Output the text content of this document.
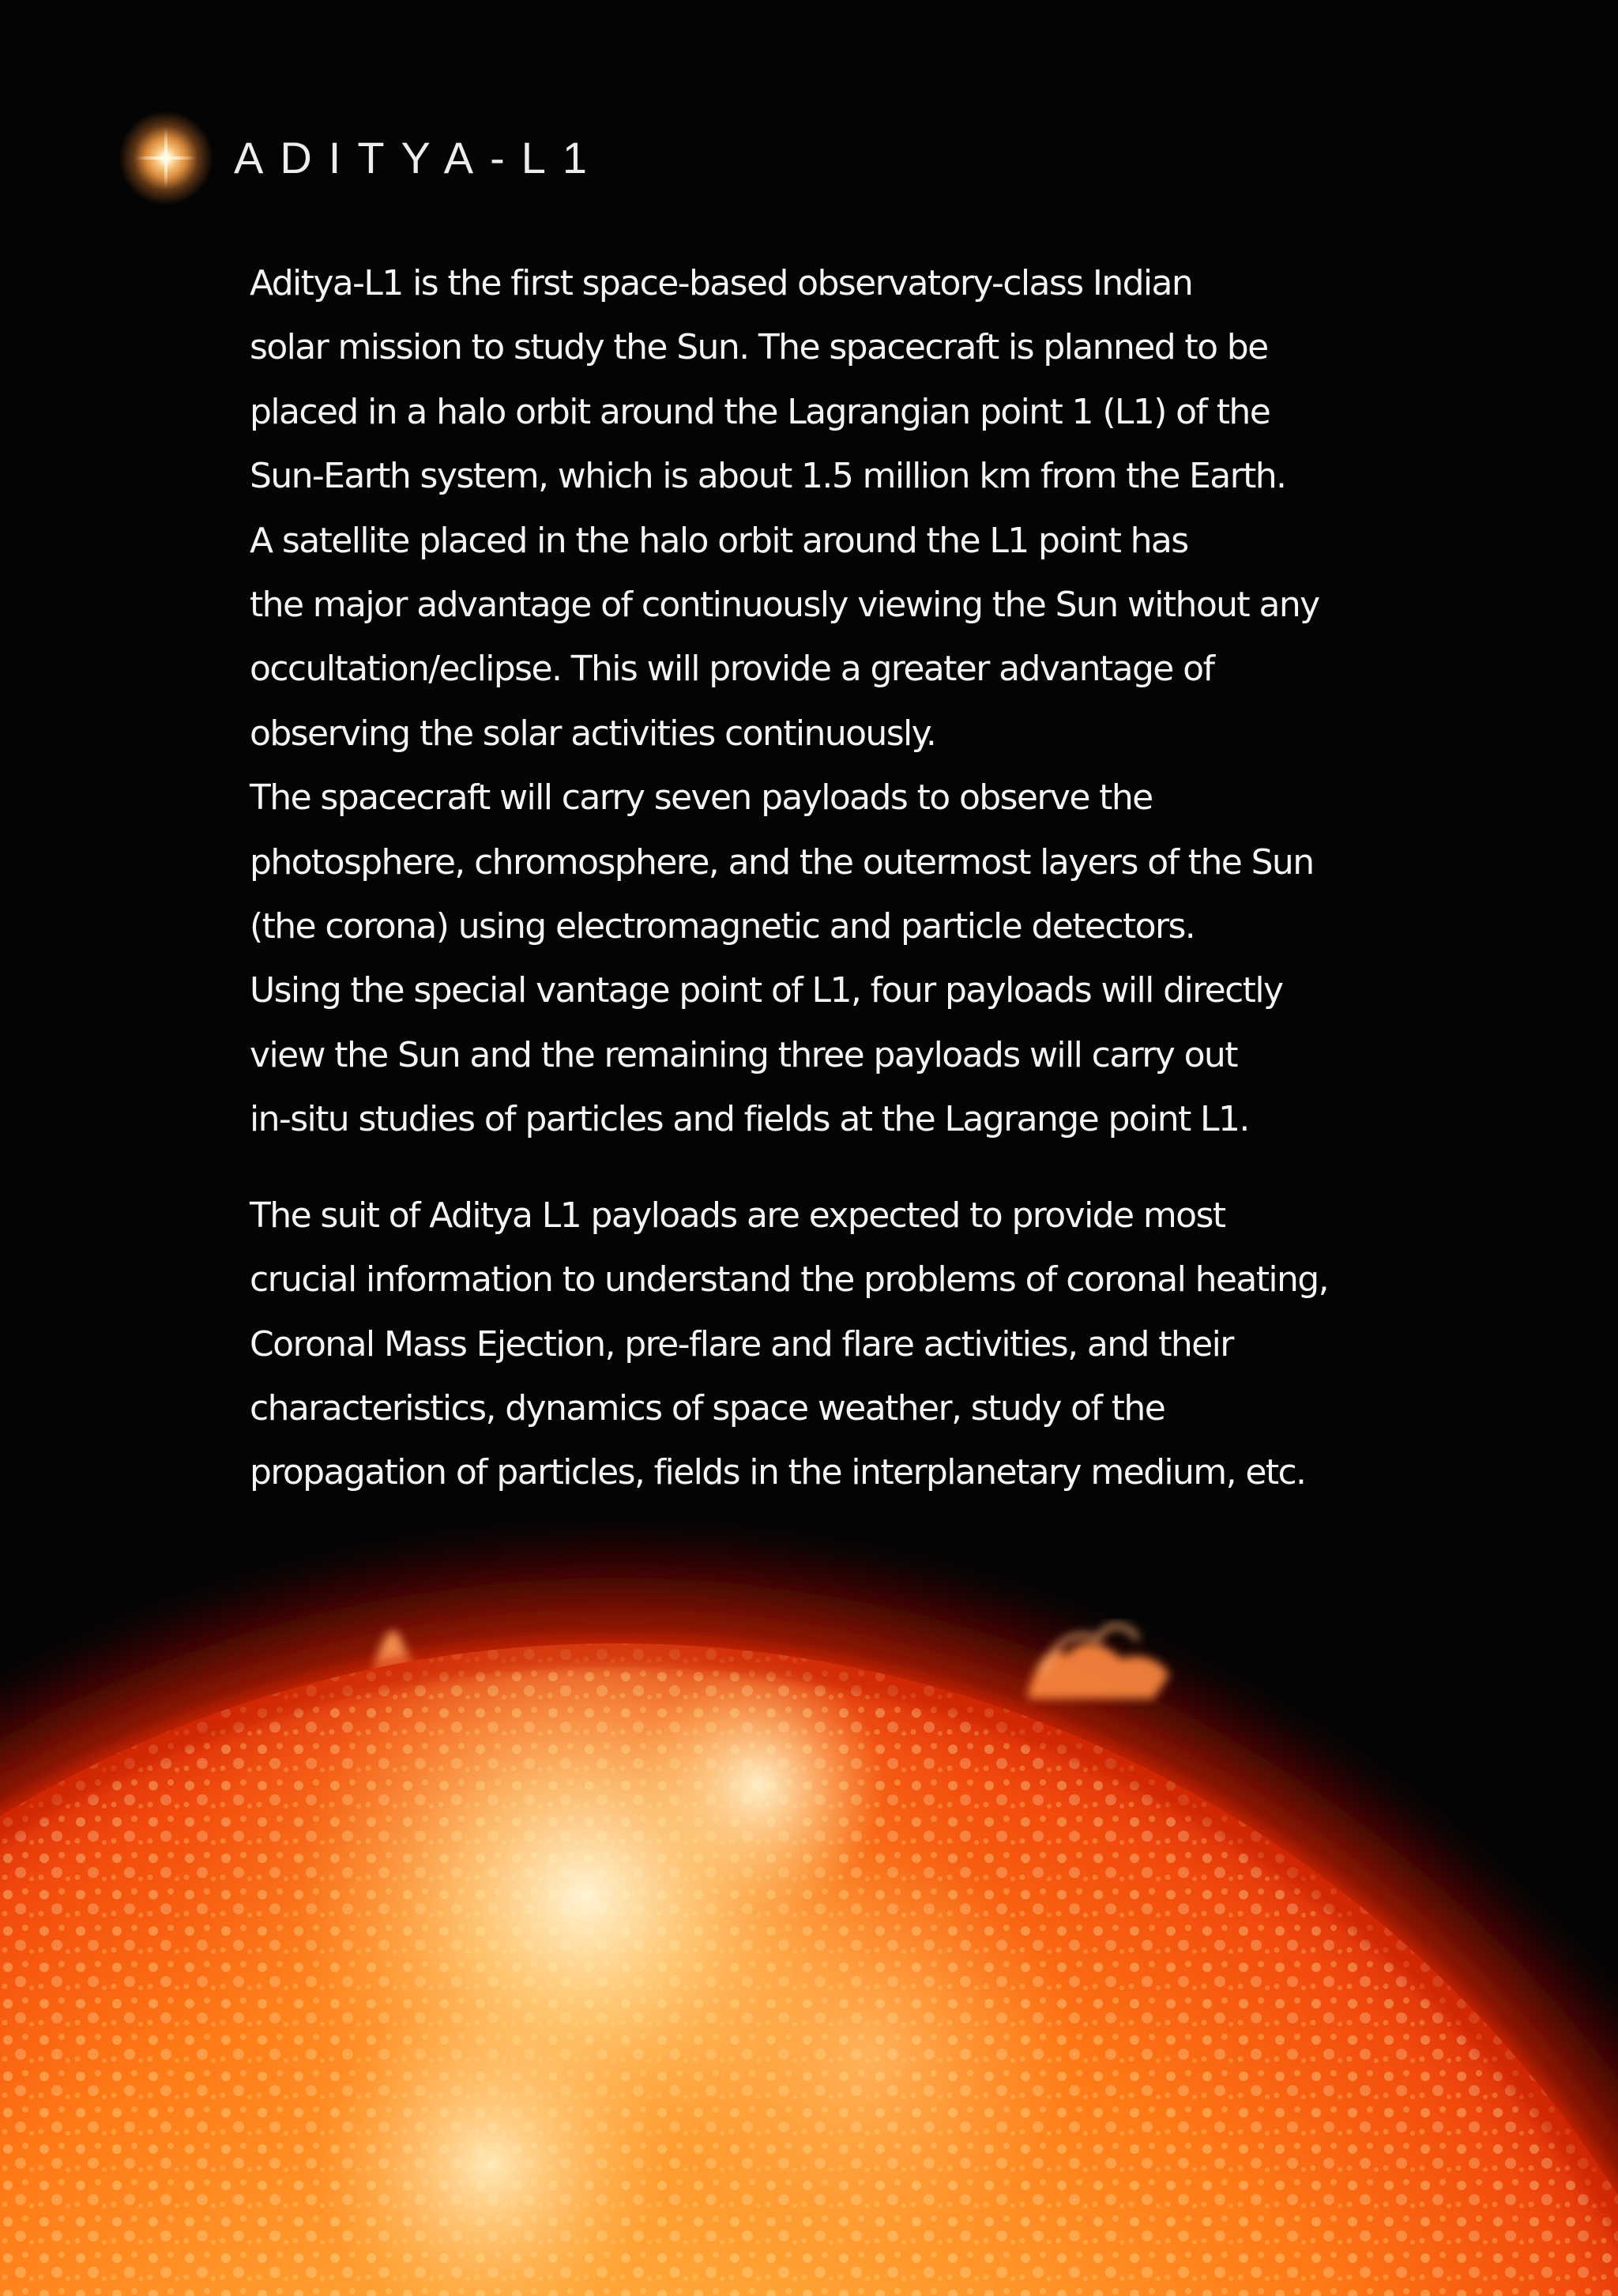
ADITYA-L1
Aditya-L1 is the first space-based observatory-class Indian
solar mission to study the Sun. The spacecraft is planned to be
placed in a halo orbit around the Lagrangian point 1 (L1) of the
Sun-Earth system, which is about 1.5 million km from the Earth.
A satellite placed in the halo orbit around the L1 point has
the major advantage of continuously viewing the Sun without any
occultation/eclipse. This will provide a greater advantage of
observing the solar activities continuously.
The spacecraft will carry seven payloads to observe the
photosphere, chromosphere, and the outermost layers of the Sun
(the corona) using electromagnetic and particle detectors.
Using the special vantage point of L1, four payloads will directly
view the Sun and the remaining three payloads will carry out
in-situ studies of particles and fields at the Lagrange point L1.
The suit of Aditya L1 payloads are expected to provide most
crucial information to understand the problems of coronal heating,
Coronal Mass Ejection, pre-flare and flare activities, and their
characteristics, dynamics of space weather, study of the
propagation of particles, fields in the interplanetary medium, etc.
